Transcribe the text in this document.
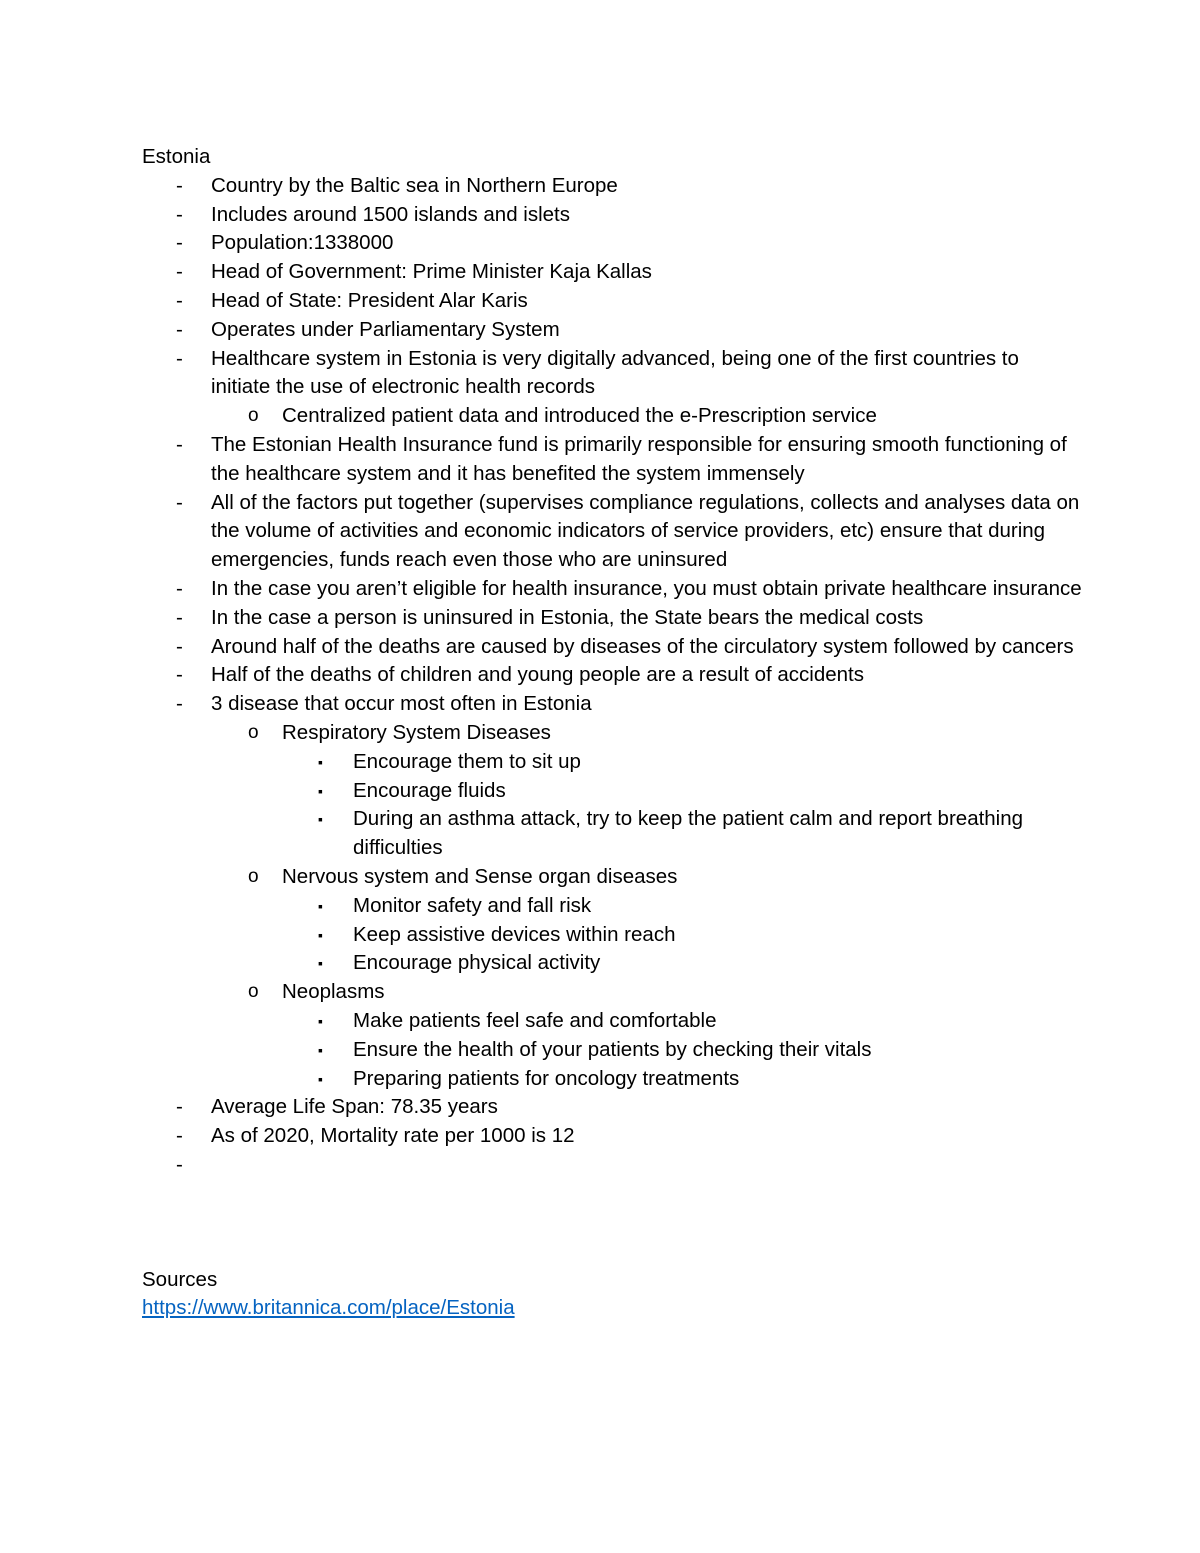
Estonia
- Country by the Baltic sea in Northern Europe
- Includes around 1500 islands and islets
- Population:1338000
- Head of Government: Prime Minister Kaja Kallas
- Head of State: President Alar Karis
- Operates under Parliamentary System
- Healthcare system in Estonia is very digitally advanced, being one of the first countries to initiate the use of electronic health records
o Centralized patient data and introduced the e-Prescription service
- The Estonian Health Insurance fund is primarily responsible for ensuring smooth functioning of the healthcare system and it has benefited the system immensely
- All of the factors put together (supervises compliance regulations, collects and analyses data on the volume of activities and economic indicators of service providers, etc) ensure that during emergencies, funds reach even those who are uninsured
- In the case you aren’t eligible for health insurance, you must obtain private healthcare insurance
- In the case a person is uninsured in Estonia, the State bears the medical costs
- Around half of the deaths are caused by diseases of the circulatory system followed by cancers
- Half of the deaths of children and young people are a result of accidents
- 3 disease that occur most often in Estonia
o Respiratory System Diseases
▪ Encourage them to sit up
▪ Encourage fluids
▪ During an asthma attack, try to keep the patient calm and report breathing difficulties
o Nervous system and Sense organ diseases
▪ Monitor safety and fall risk
▪ Keep assistive devices within reach
▪ Encourage physical activity
o Neoplasms
▪ Make patients feel safe and comfortable
▪ Ensure the health of your patients by checking their vitals
▪ Preparing patients for oncology treatments
- Average Life Span: 78.35 years
- As of 2020, Mortality rate per 1000 is 12
-
Sources
https://www.britannica.com/place/Estonia
